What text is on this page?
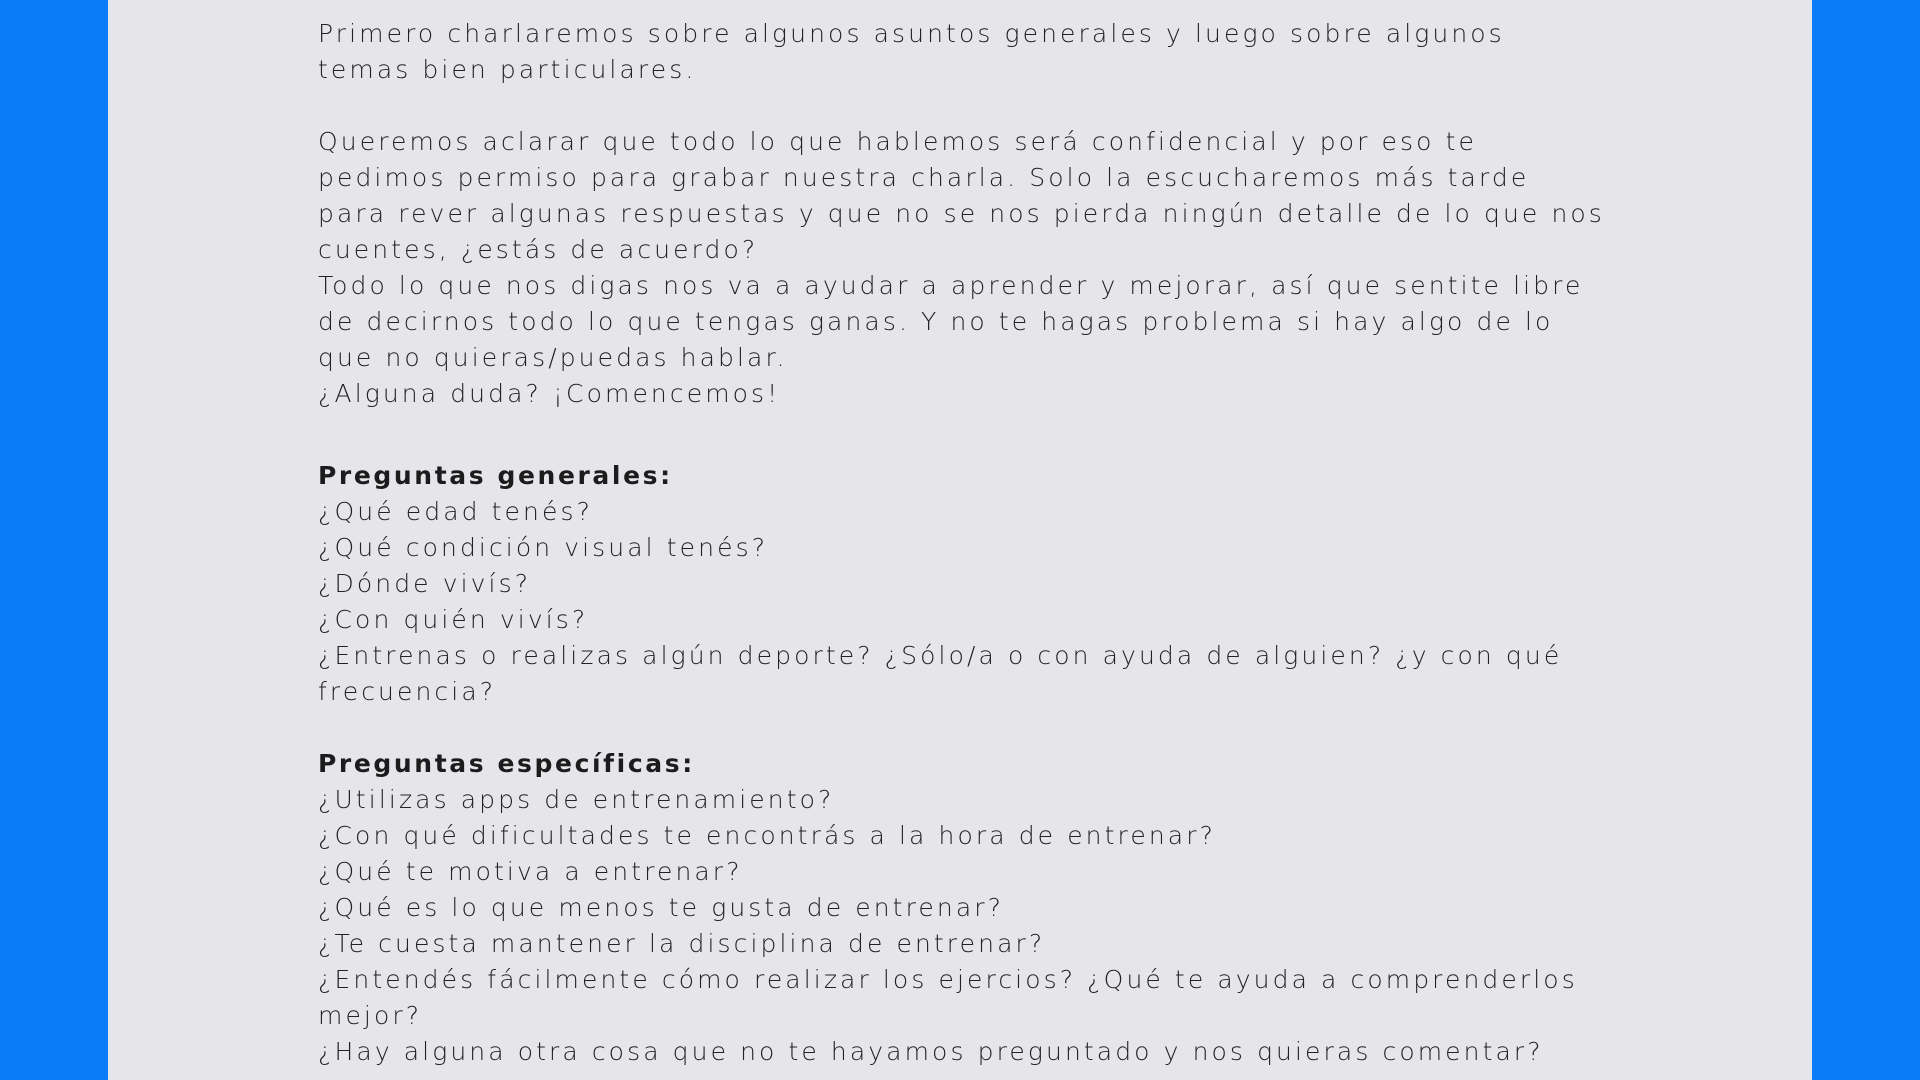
Primero charlaremos sobre algunos asuntos generales y luego sobre algunos
temas bien particulares.
Queremos aclarar que todo lo que hablemos será confidencial y por eso te
pedimos permiso para grabar nuestra charla. Solo la escucharemos más tarde
para rever algunas respuestas y que no se nos pierda ningún detalle de lo que nos
cuentes, ¿estás de acuerdo?
Todo lo que nos digas nos va a ayudar a aprender y mejorar, así que sentite libre
de decirnos todo lo que tengas ganas. Y no te hagas problema si hay algo de lo
que no quieras/puedas hablar.
¿Alguna duda? ¡Comencemos!
Preguntas generales:
¿Qué edad tenés?
¿Qué condición visual tenés?
¿Dónde vivís?
¿Con quién vivís?
¿Entrenas o realizas algún deporte? ¿Sólo/a o con ayuda de alguien? ¿y con qué
frecuencia?
Preguntas específicas:
¿Utilizas apps de entrenamiento?
¿Con qué dificultades te encontrás a la hora de entrenar?
¿Qué te motiva a entrenar?
¿Qué es lo que menos te gusta de entrenar?
¿Te cuesta mantener la disciplina de entrenar?
¿Entendés fácilmente cómo realizar los ejercios? ¿Qué te ayuda a comprenderlos
mejor?
¿Hay alguna otra cosa que no te hayamos preguntado y nos quieras comentar?
